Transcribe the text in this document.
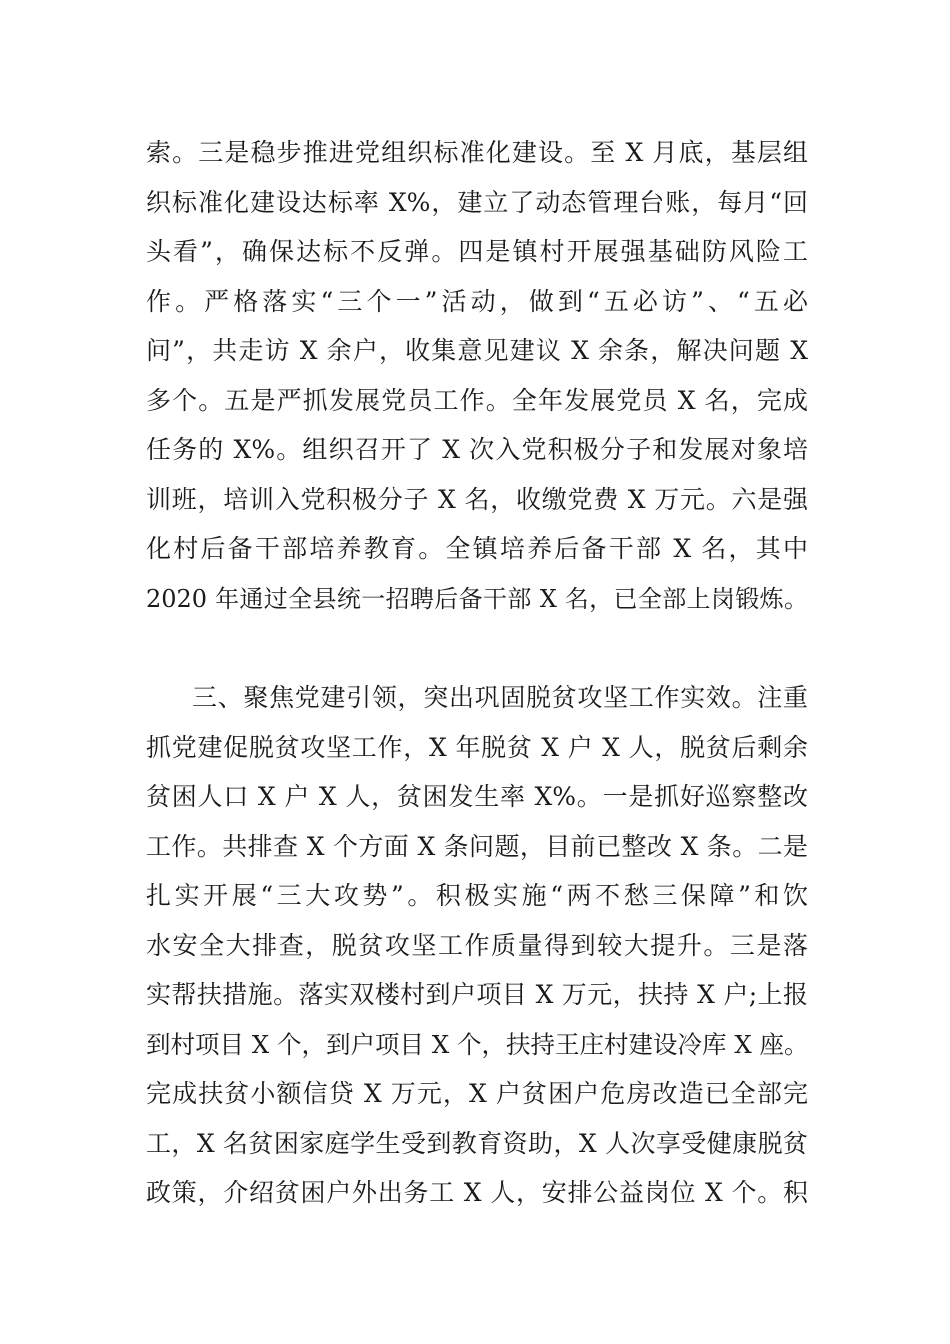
索。三是稳步推进党组织标准化建设。至 X 月底，基层组
织标准化建设达标率 X%，建立了动态管理台账，每月“回
头看”，确保达标不反弹。四是镇村开展强基础防风险工
作。严格落实“三个一”活动，做到“五必访”、“五必
问”，共走访 X 余户，收集意见建议 X 余条，解决问题 X
多个。五是严抓发展党员工作。全年发展党员 X 名，完成
任务的 X%。组织召开了 X 次入党积极分子和发展对象培
训班，培训入党积极分子 X 名，收缴党费 X 万元。六是强
化村后备干部培养教育。全镇培养后备干部 X 名，其中
2020 年通过全县统一招聘后备干部 X 名，已全部上岗锻炼。
三、聚焦党建引领，突出巩固脱贫攻坚工作实效。注重
抓党建促脱贫攻坚工作，X 年脱贫 X 户 X 人，脱贫后剩余
贫困人口 X 户 X 人，贫困发生率 X%。一是抓好巡察整改
工作。共排查 X 个方面 X 条问题，目前已整改 X 条。二是
扎实开展“三大攻势”。积极实施“两不愁三保障”和饮
水安全大排查，脱贫攻坚工作质量得到较大提升。三是落
实帮扶措施。落实双楼村到户项目 X 万元，扶持 X 户;上报
到村项目 X 个，到户项目 X 个，扶持王庄村建设冷库 X 座。
完成扶贫小额信贷 X 万元，X 户贫困户危房改造已全部完
工，X 名贫困家庭学生受到教育资助，X 人次享受健康脱贫
政策，介绍贫困户外出务工 X 人，安排公益岗位 X 个。积
